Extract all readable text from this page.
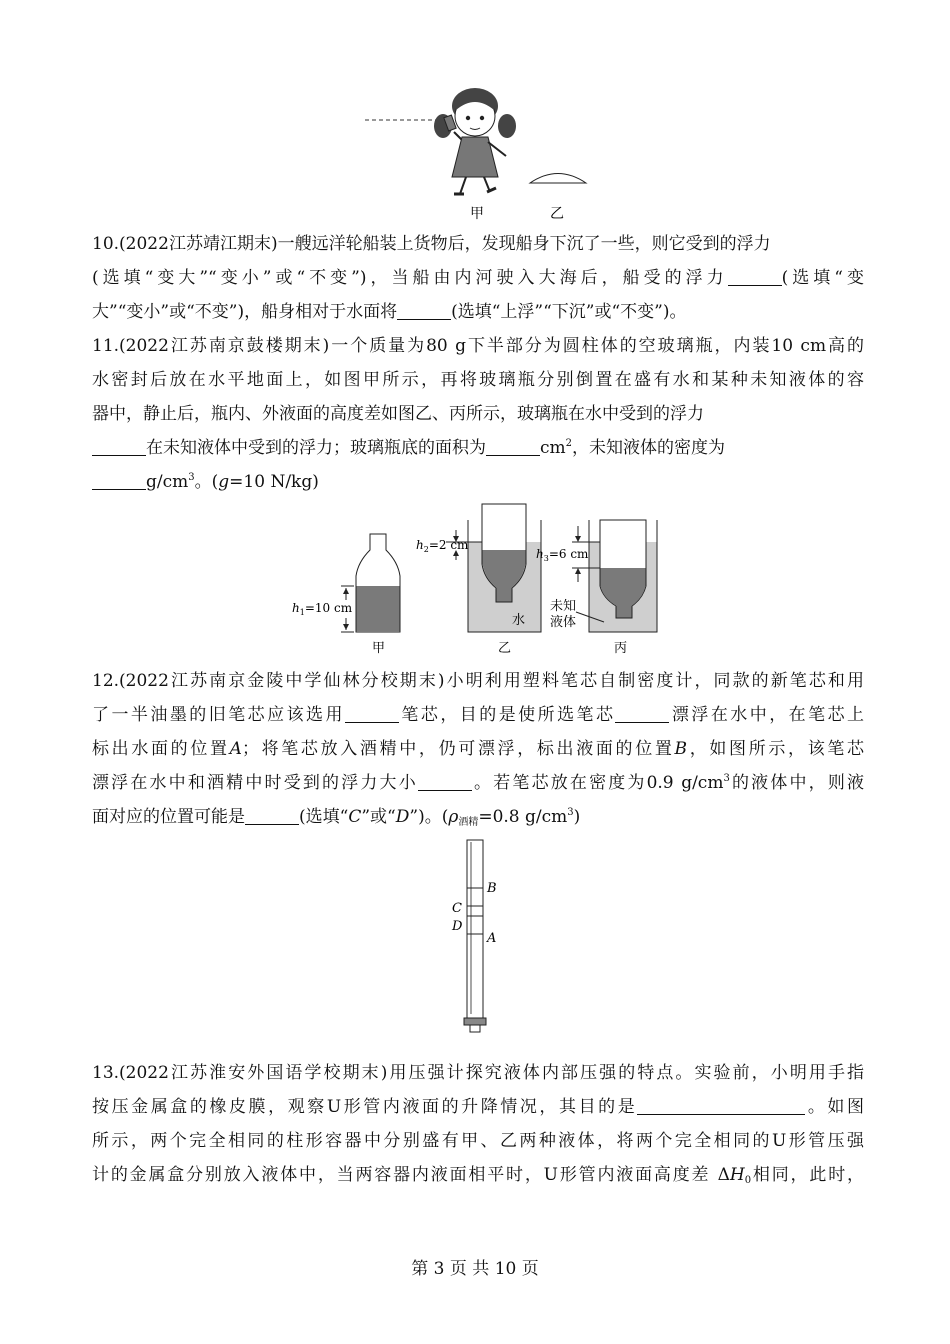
甲	乙
10.(2022江苏靖江期末)一艘远洋轮船装上货物后，发现船身下沉了一些，则它受到的浮力
(选填“变大”“变小”或“不变”)，当船由内河驶入大海后，船受的浮力	(选填“变
大”“变小”或“不变”)，船身相对于水面将	(选填“上浮”“下沉”或“不变”)。
11.(2022江苏南京鼓楼期末)一个质量为80 g下半部分为圆柱体的空玻璃瓶，内装10 cm高的
水密封后放在水平地面上，如图甲所示，再将玻璃瓶分别倒置在盛有水和某种未知液体的容
器中，静止后，瓶内、外液面的高度差如图乙、丙所示，玻璃瓶在水中受到的浮力
在未知液体中受到的浮力；玻璃瓶底的面积为	$cm^2$，未知液体的密度为
$g/cm^3$。(g=10 N/kg)
$h_1=10$ cm
甲
$h_2=2$ cm
水
乙
$h_3=6$ cm
未知
液体
丙
12.(2022江苏南京金陵中学仙林分校期末)小明利用塑料笔芯自制密度计，同款的新笔芯和用
了一半油墨的旧笔芯应该选用	笔芯，目的是使所选笔芯	漂浮在水中，在笔芯上
标出水面的位置A；将笔芯放入酒精中，仍可漂浮，标出液面的位置B，如图所示，该笔芯
漂浮在水中和酒精中时受到的浮力大小	。若笔芯放在密度为0.9 $g/cm^3$的液体中，则液
面对应的位置可能是	(选填“C”或“D”)。($\rho_{酒精}=0.8$ $g/cm^3$)
B
C
D
A
13.(2022江苏淮安外国语学校期末)用压强计探究液体内部压强的特点。实验前，小明用手指
按压金属盒的橡皮膜，观察U形管内液面的升降情况，其目的是	。如图
所示，两个完全相同的柱形容器中分别盛有甲、乙两种液体，将两个完全相同的U形管压强
计的金属盒分别放入液体中，当两容器内液面相平时，U形管内液面高度差 $\Delta H_0$相同，此时，
第 3 页 共 10 页
